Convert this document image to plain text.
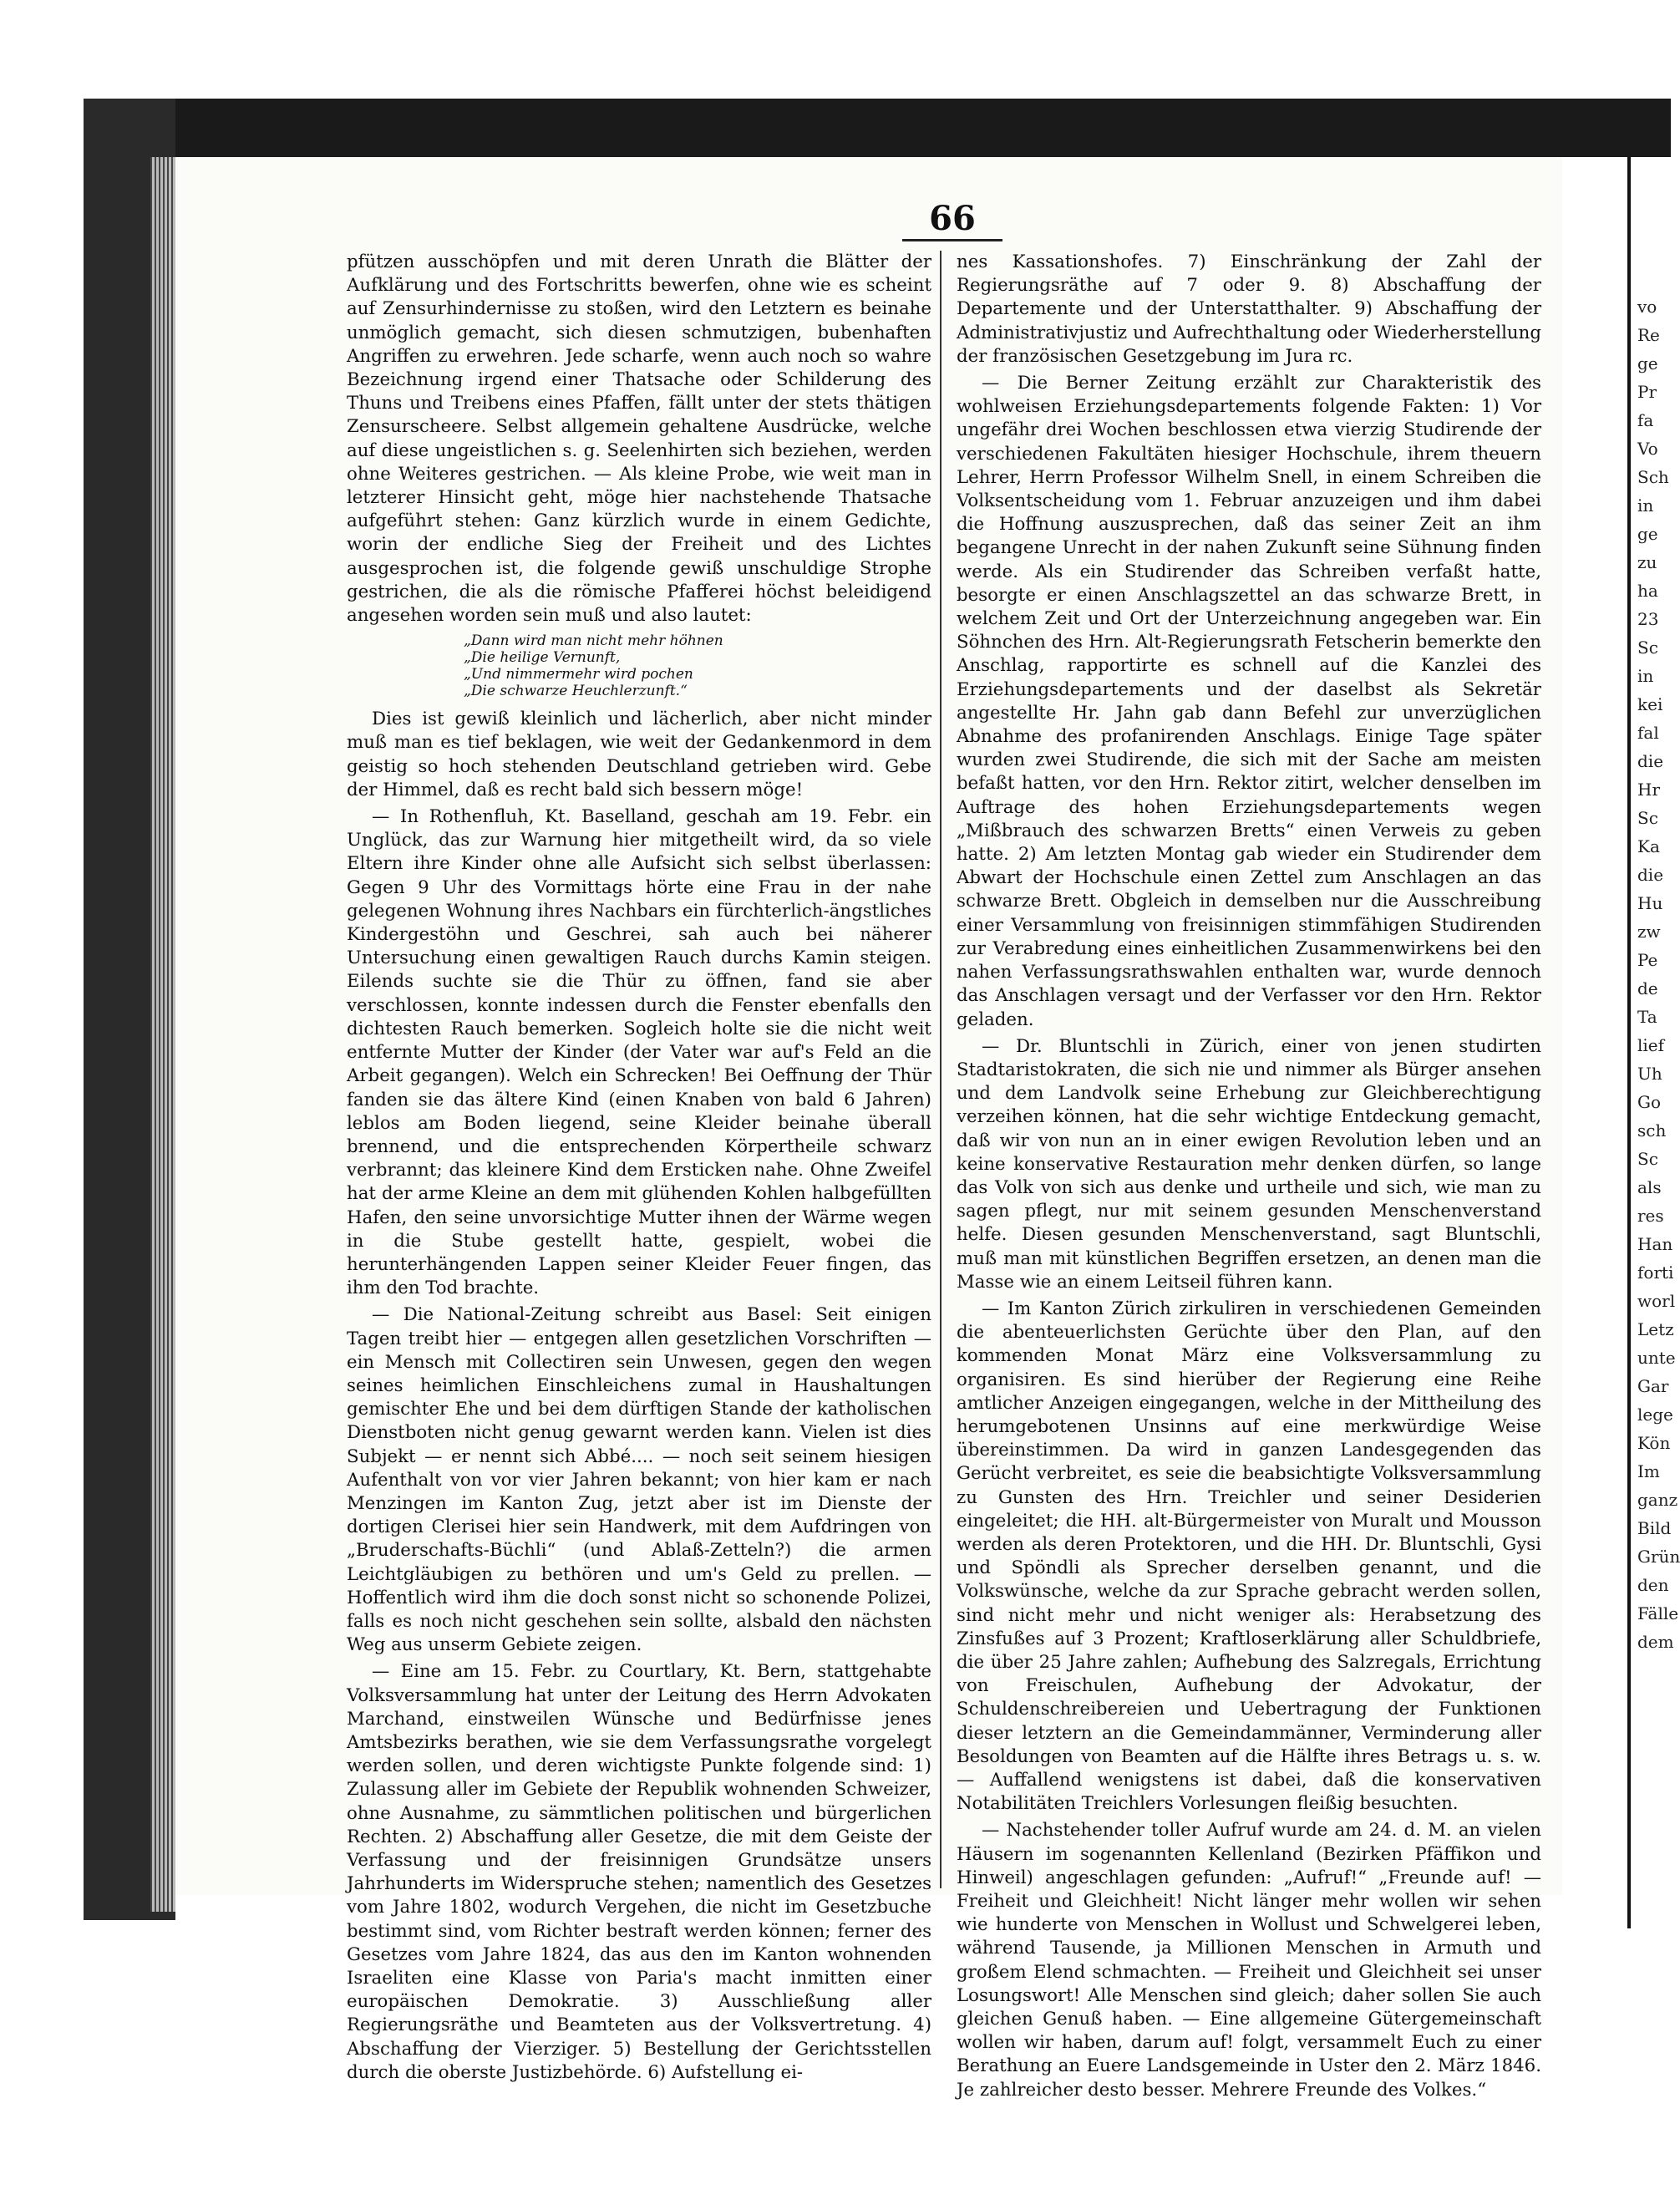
66

pfützen ausschöpfen und mit deren Unrath die Blätter der Aufklärung und des Fortschritts bewerfen, ohne wie es scheint auf Zensurhindernisse zu stoßen, wird den Letztern es beinahe unmöglich gemacht, sich diesen schmutzigen, bubenhaften Angriffen zu erwehren. Jede scharfe, wenn auch noch so wahre Bezeichnung irgend einer Thatsache oder Schilderung des Thuns und Treibens eines Pfaffen, fällt unter der stets thätigen Zensurscheere. Selbst allgemein gehaltene Ausdrücke, welche auf diese ungeistlichen s. g. Seelenhirten sich beziehen, werden ohne Weiteres gestrichen. — Als kleine Probe, wie weit man in letzterer Hinsicht geht, möge hier nachstehende Thatsache aufgeführt stehen: Ganz kürzlich wurde in einem Gedichte, worin der endliche Sieg der Freiheit und des Lichtes ausgesprochen ist, die folgende gewiß unschuldige Strophe gestrichen, die als die römische Pfafferei höchst beleidigend angesehen worden sein muß und also lautet:

„Dann wird man nicht mehr höhnen
„Die heilige Vernunft,
„Und nimmermehr wird pochen
„Die schwarze Heuchlerzunft.“

Dies ist gewiß kleinlich und lächerlich, aber nicht minder muß man es tief beklagen, wie weit der Gedankenmord in dem geistig so hoch stehenden Deutschland getrieben wird. Gebe der Himmel, daß es recht bald sich bessern möge!

— In Rothenfluh, Kt. Baselland, geschah am 19. Febr. ein Unglück, das zur Warnung hier mitgetheilt wird, da so viele Eltern ihre Kinder ohne alle Aufsicht sich selbst überlassen: Gegen 9 Uhr des Vormittags hörte eine Frau in der nahe gelegenen Wohnung ihres Nachbars ein fürchterlich-ängstliches Kindergestöhn und Geschrei, sah auch bei näherer Untersuchung einen gewaltigen Rauch durchs Kamin steigen. Eilends suchte sie die Thür zu öffnen, fand sie aber verschlossen, konnte indessen durch die Fenster ebenfalls den dichtesten Rauch bemerken. Sogleich holte sie die nicht weit entfernte Mutter der Kinder (der Vater war auf's Feld an die Arbeit gegangen). Welch ein Schrecken! Bei Oeffnung der Thür fanden sie das ältere Kind (einen Knaben von bald 6 Jahren) leblos am Boden liegend, seine Kleider beinahe überall brennend, und die entsprechenden Körpertheile schwarz verbrannt; das kleinere Kind dem Ersticken nahe. Ohne Zweifel hat der arme Kleine an dem mit glühenden Kohlen halbgefüllten Hafen, den seine unvorsichtige Mutter ihnen der Wärme wegen in die Stube gestellt hatte, gespielt, wobei die herunterhängenden Lappen seiner Kleider Feuer fingen, das ihm den Tod brachte.

— Die National-Zeitung schreibt aus Basel: Seit einigen Tagen treibt hier — entgegen allen gesetzlichen Vorschriften — ein Mensch mit Collectiren sein Unwesen, gegen den wegen seines heimlichen Einschleichens zumal in Haushaltungen gemischter Ehe und bei dem dürftigen Stande der katholischen Dienstboten nicht genug gewarnt werden kann. Vielen ist dies Subjekt — er nennt sich Abbé.... — noch seit seinem hiesigen Aufenthalt von vor vier Jahren bekannt; von hier kam er nach Menzingen im Kanton Zug, jetzt aber ist im Dienste der dortigen Clerisei hier sein Handwerk, mit dem Aufdringen von „Bruderschafts-Büchli“ (und Ablaß-Zetteln?) die armen Leichtgläubigen zu bethören und um's Geld zu prellen. — Hoffentlich wird ihm die doch sonst nicht so schonende Polizei, falls es noch nicht geschehen sein sollte, alsbald den nächsten Weg aus unserm Gebiete zeigen.

— Eine am 15. Febr. zu Courtlary, Kt. Bern, stattgehabte Volksversammlung hat unter der Leitung des Herrn Advokaten Marchand, einstweilen Wünsche und Bedürfnisse jenes Amtsbezirks berathen, wie sie dem Verfassungsrathe vorgelegt werden sollen, und deren wichtigste Punkte folgende sind: 1) Zulassung aller im Gebiete der Republik wohnenden Schweizer, ohne Ausnahme, zu sämmtlichen politischen und bürgerlichen Rechten. 2) Abschaffung aller Gesetze, die mit dem Geiste der Verfassung und der freisinnigen Grundsätze unsers Jahrhunderts im Widerspruche stehen; namentlich des Gesetzes vom Jahre 1802, wodurch Vergehen, die nicht im Gesetzbuche bestimmt sind, vom Richter bestraft werden können; ferner des Gesetzes vom Jahre 1824, das aus den im Kanton wohnenden Israeliten eine Klasse von Paria's macht inmitten einer europäischen Demokratie. 3) Ausschließung aller Regierungsräthe und Beamteten aus der Volksvertretung. 4) Abschaffung der Vierziger. 5) Bestellung der Gerichtsstellen durch die oberste Justizbehörde. 6) Aufstellung ei-

nes Kassationshofes. 7) Einschränkung der Zahl der Regierungsräthe auf 7 oder 9. 8) Abschaffung der Departemente und der Unterstatthalter. 9) Abschaffung der Administrativjustiz und Aufrechthaltung oder Wiederherstellung der französischen Gesetzgebung im Jura rc.

— Die Berner Zeitung erzählt zur Charakteristik des wohlweisen Erziehungsdepartements folgende Fakten: 1) Vor ungefähr drei Wochen beschlossen etwa vierzig Studirende der verschiedenen Fakultäten hiesiger Hochschule, ihrem theuern Lehrer, Herrn Professor Wilhelm Snell, in einem Schreiben die Volksentscheidung vom 1. Februar anzuzeigen und ihm dabei die Hoffnung auszusprechen, daß das seiner Zeit an ihm begangene Unrecht in der nahen Zukunft seine Sühnung finden werde. Als ein Studirender das Schreiben verfaßt hatte, besorgte er einen Anschlagszettel an das schwarze Brett, in welchem Zeit und Ort der Unterzeichnung angegeben war. Ein Söhnchen des Hrn. Alt-Regierungsrath Fetscherin bemerkte den Anschlag, rapportirte es schnell auf die Kanzlei des Erziehungsdepartements und der daselbst als Sekretär angestellte Hr. Jahn gab dann Befehl zur unverzüglichen Abnahme des profanirenden Anschlags. Einige Tage später wurden zwei Studirende, die sich mit der Sache am meisten befaßt hatten, vor den Hrn. Rektor zitirt, welcher denselben im Auftrage des hohen Erziehungsdepartements wegen „Mißbrauch des schwarzen Bretts“ einen Verweis zu geben hatte. 2) Am letzten Montag gab wieder ein Studirender dem Abwart der Hochschule einen Zettel zum Anschlagen an das schwarze Brett. Obgleich in demselben nur die Ausschreibung einer Versammlung von freisinnigen stimmfähigen Studirenden zur Verabredung eines einheitlichen Zusammenwirkens bei den nahen Verfassungsrathswahlen enthalten war, wurde dennoch das Anschlagen versagt und der Verfasser vor den Hrn. Rektor geladen.

— Dr. Bluntschli in Zürich, einer von jenen studirten Stadtaristokraten, die sich nie und nimmer als Bürger ansehen und dem Landvolk seine Erhebung zur Gleichberechtigung verzeihen können, hat die sehr wichtige Entdeckung gemacht, daß wir von nun an in einer ewigen Revolution leben und an keine konservative Restauration mehr denken dürfen, so lange das Volk von sich aus denke und urtheile und sich, wie man zu sagen pflegt, nur mit seinem gesunden Menschenverstand helfe. Diesen gesunden Menschenverstand, sagt Bluntschli, muß man mit künstlichen Begriffen ersetzen, an denen man die Masse wie an einem Leitseil führen kann.

— Im Kanton Zürich zirkuliren in verschiedenen Gemeinden die abenteuerlichsten Gerüchte über den Plan, auf den kommenden Monat März eine Volksversammlung zu organisiren. Es sind hierüber der Regierung eine Reihe amtlicher Anzeigen eingegangen, welche in der Mittheilung des herumgebotenen Unsinns auf eine merkwürdige Weise übereinstimmen. Da wird in ganzen Landesgegenden das Gerücht verbreitet, es seie die beabsichtigte Volksversammlung zu Gunsten des Hrn. Treichler und seiner Desiderien eingeleitet; die HH. alt-Bürgermeister von Muralt und Mousson werden als deren Protektoren, und die HH. Dr. Bluntschli, Gysi und Spöndli als Sprecher derselben genannt, und die Volkswünsche, welche da zur Sprache gebracht werden sollen, sind nicht mehr und nicht weniger als: Herabsetzung des Zinsfußes auf 3 Prozent; Kraftloserklärung aller Schuldbriefe, die über 25 Jahre zahlen; Aufhebung des Salzregals, Errichtung von Freischulen, Aufhebung der Advokatur, der Schuldenschreibereien und Uebertragung der Funktionen dieser letztern an die Gemeindammänner, Verminderung aller Besoldungen von Beamten auf die Hälfte ihres Betrags u. s. w. — Auffallend wenigstens ist dabei, daß die konservativen Notabilitäten Treichlers Vorlesungen fleißig besuchten.

— Nachstehender toller Aufruf wurde am 24. d. M. an vielen Häusern im sogenannten Kellenland (Bezirken Pfäffikon und Hinweil) angeschlagen gefunden: „Aufruf!“ „Freunde auf! — Freiheit und Gleichheit! Nicht länger mehr wollen wir sehen wie hunderte von Menschen in Wollust und Schwelgerei leben, während Tausende, ja Millionen Menschen in Armuth und großem Elend schmachten. — Freiheit und Gleichheit sei unser Losungswort! Alle Menschen sind gleich; daher sollen Sie auch gleichen Genuß haben. — Eine allgemeine Gütergemeinschaft wollen wir haben, darum auf! folgt, versammelt Euch zu einer Berathung an Euere Landsgemeinde in Uster den 2. März 1846. Je zahlreicher desto besser. Mehrere Freunde des Volkes.“

vo
Re
ge
Pr
fa
Vo
Sch
in
ge
zu
ha
23
Sc
in
kei
fal
die
Hr
Sc
Ka
die
Hu
zw
Pe
de
Ta
lief
Uh
Go
sch
Sc
als
res
Han
forti
worl
Letz
unte
Gar
lege
Kön
Im
ganz
Bild
Grün
den
Fälle
dem
